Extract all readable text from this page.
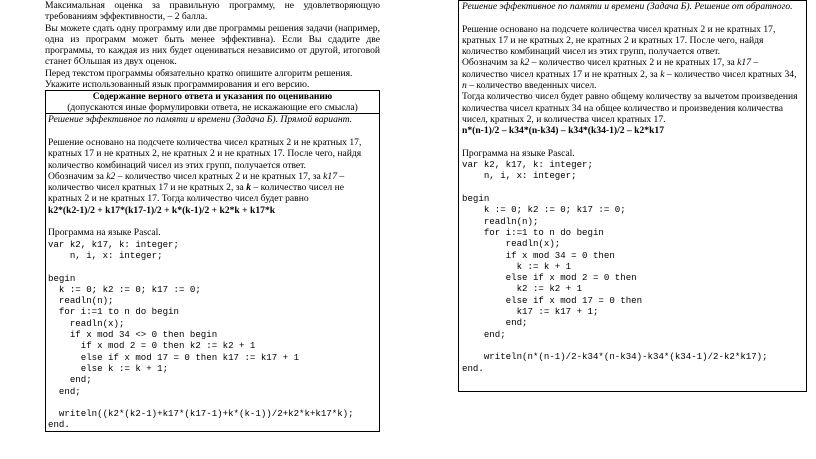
Максимальная оценка за правильную программу, не удовлетворяющую требованиям эффективности, – 2 балла.

Вы можете сдать одну программу или две программы решения задачи (например, одна из программ может быть менее эффективна). Если Вы сдадите две программы, то каждая из них будет оцениваться независимо от другой, итоговой станет бОльшая из двух оценок.

Перед текстом программы обязательно кратко опишите алгоритм решения.

Укажите использованный язык программирования и его версию.

Содержание верного ответа и указания по оцениванию
(допускаются иные формулировки ответа, не искажающие его смысла)

Решение эффективное по памяти и времени (Задача Б). Прямой вариант.

Решение основано на подсчете количества чисел кратных 2 и не кратных 17, кратных 17 и не кратных 2, не кратных 2 и не кратных 17. После чего, найдя количество комбинаций чисел из этих групп, получается ответ.

Обозначим за k2 – количество чисел кратных 2 и не кратных 17, за k17 – количество чисел кратных 17 и не кратных 2, за k – количество чисел не кратных 2 и не кратных 17. Тогда количество чисел будет равно

k2*(k2-1)/2 + k17*(k17-1)/2 + k*(k-1)/2 + k2*k + k17*k

Программа на языке Pascal.

var k2, k17, k: integer;
n, i, x: integer;

begin
k := 0; k2 := 0; k17 := 0;
readln(n);
for i:=1 to n do begin
readln(x);
if x mod 34 <> 0 then begin
if x mod 2 = 0 then k2 := k2 + 1
else if x mod 17 = 0 then k17 := k17 + 1
else k := k + 1;
end;
end;

writeln((k2*(k2-1)+k17*(k17-1)+k*(k-1))/2+k2*k+k17*k);
end.

Решение эффективное по памяти и времени (Задача Б). Решение от обратного.

Решение основано на подсчете количества чисел кратных 2 и не кратных 17, кратных 17 и не кратных 2, не кратных 2 и кратных 17. После чего, найдя количество комбинаций чисел из этих групп, получается ответ.

Обозначим за k2 – количество чисел кратных 2 и не кратных 17, за k17 – количество чисел кратных 17 и не кратных 2, за k – количество чисел кратных 34, n – количество введенных чисел.

Тогда количество чисел будет равно общему количеству за вычетом произведения количества чисел кратных 34 на общее количество и произведения количества чисел, кратных 2, и количества чисел кратных 17.

n*(n-1)/2 – k34*(n-k34) – k34*(k34-1)/2 – k2*k17

Программа на языке Pascal.

var k2, k17, k: integer;
n, i, x: integer;

begin
k := 0; k2 := 0; k17 := 0;
readln(n);
for i:=1 to n do begin
readln(x);
if x mod 34 = 0 then
k := k + 1
else if x mod 2 = 0 then
k2 := k2 + 1
else if x mod 17 = 0 then
k17 := k17 + 1;
end;
end;

writeln(n*(n-1)/2-k34*(n-k34)-k34*(k34-1)/2-k2*k17);
end.
